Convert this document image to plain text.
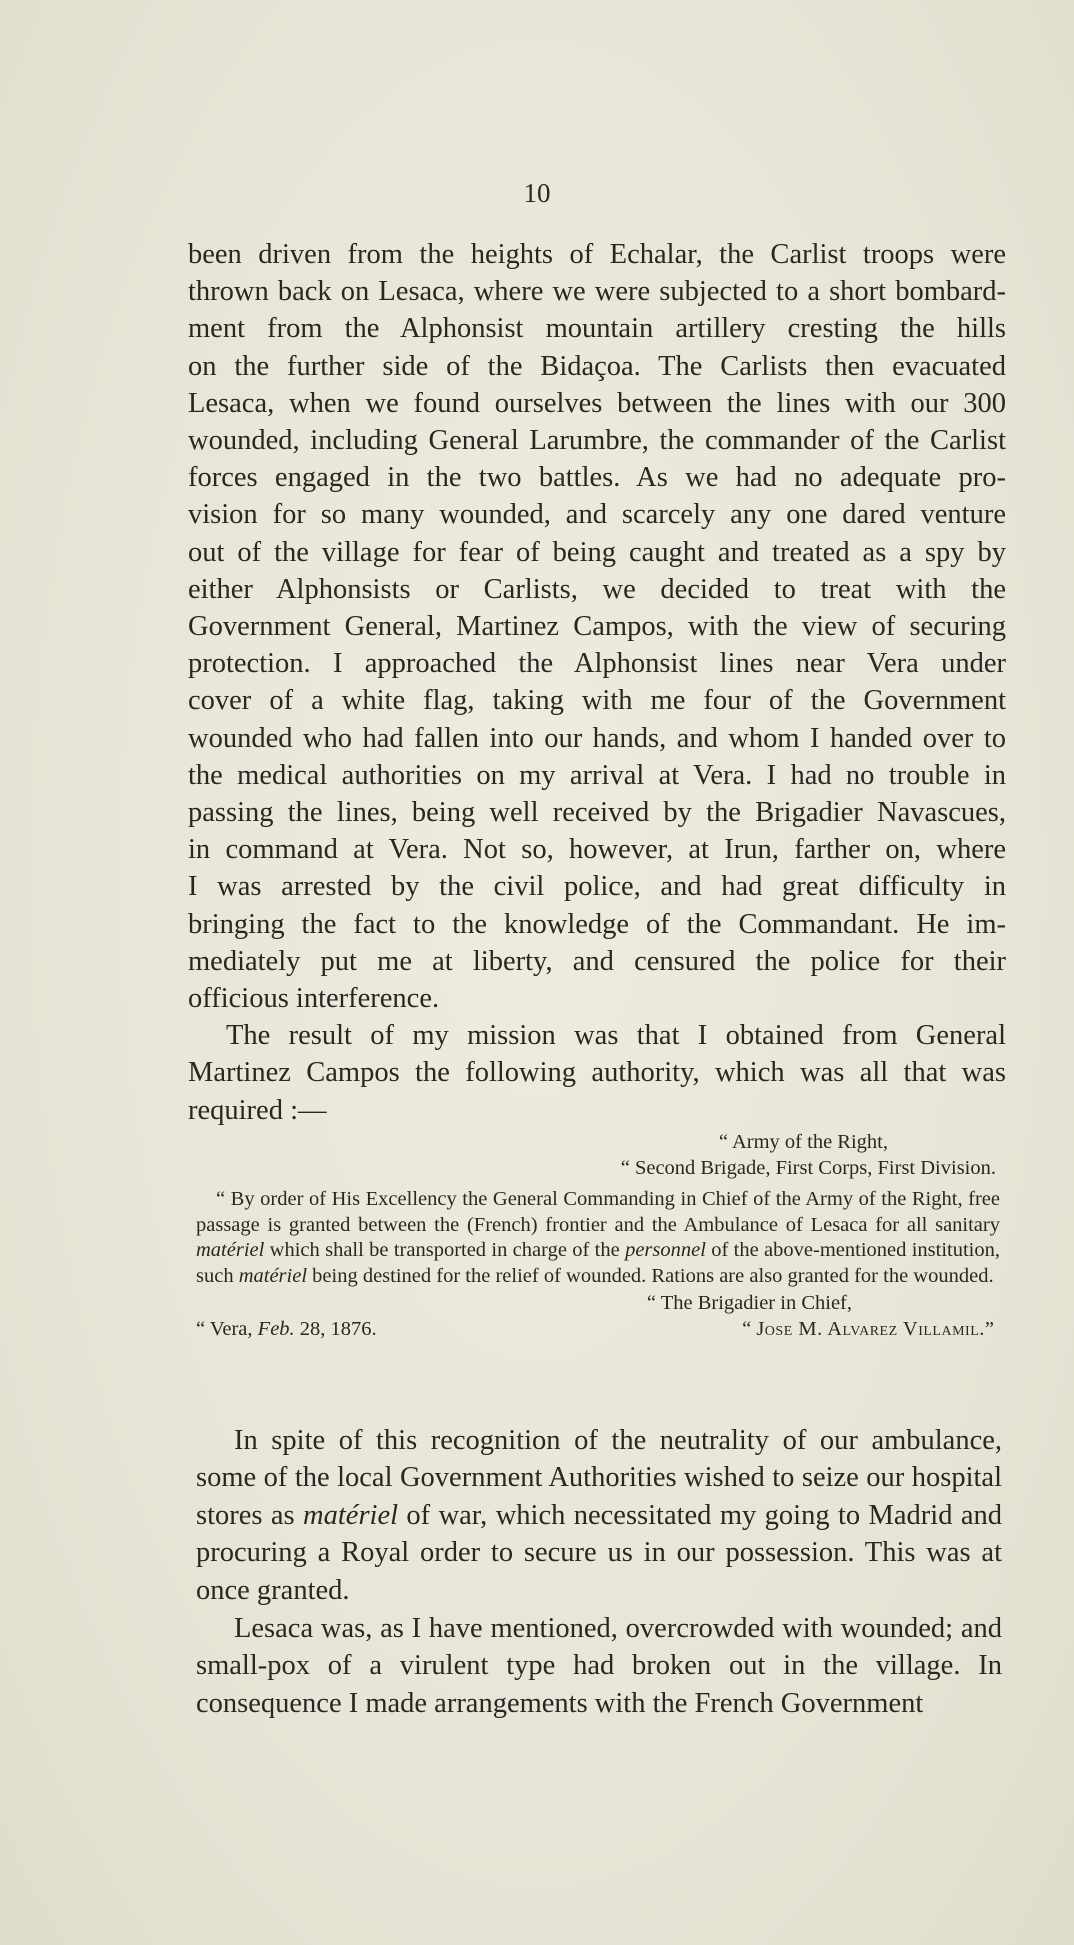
10

been driven from the heights of Echalar, the Carlist troops were
thrown back on Lesaca, where we were subjected to a short bombard-
ment from the Alphonsist mountain artillery cresting the hills
on the further side of the Bidaçoa. The Carlists then evacuated
Lesaca, when we found ourselves between the lines with our 300
wounded, including General Larumbre, the commander of the Carlist
forces engaged in the two battles. As we had no adequate pro-
vision for so many wounded, and scarcely any one dared venture
out of the village for fear of being caught and treated as a spy by
either Alphonsists or Carlists, we decided to treat with the
Government General, Martinez Campos, with the view of securing
protection. I approached the Alphonsist lines near Vera under
cover of a white flag, taking with me four of the Government
wounded who had fallen into our hands, and whom I handed over to
the medical authorities on my arrival at Vera. I had no trouble in
passing the lines, being well received by the Brigadier Navascues,
in command at Vera. Not so, however, at Irun, farther on, where
I was arrested by the civil police, and had great difficulty in
bringing the fact to the knowledge of the Commandant. He im-
mediately put me at liberty, and censured the police for their
officious interference.

The result of my mission was that I obtained from General
Martinez Campos the following authority, which was all that was
required :—

“ Army of the Right,
“ Second Brigade, First Corps, First Division.
“ By order of His Excellency the General Commanding in Chief of the Army of the Right, free passage is granted between the (French) frontier and the Ambulance of Lesaca for all sanitary matériel which shall be transported in charge of the personnel of the above-mentioned institution, such matériel being destined for the relief of wounded. Rations are also granted for the wounded.
“ The Brigadier in Chief,
“ Vera, Feb. 28, 1876.	“ Jose M. Alvarez Villamil.”

In spite of this recognition of the neutrality of our ambulance, some of the local Government Authorities wished to seize our hospital stores as matériel of war, which necessitated my going to Madrid and procuring a Royal order to secure us in our possession. This was at once granted.

Lesaca was, as I have mentioned, overcrowded with wounded; and small-pox of a virulent type had broken out in the village. In consequence I made arrangements with the French Government
